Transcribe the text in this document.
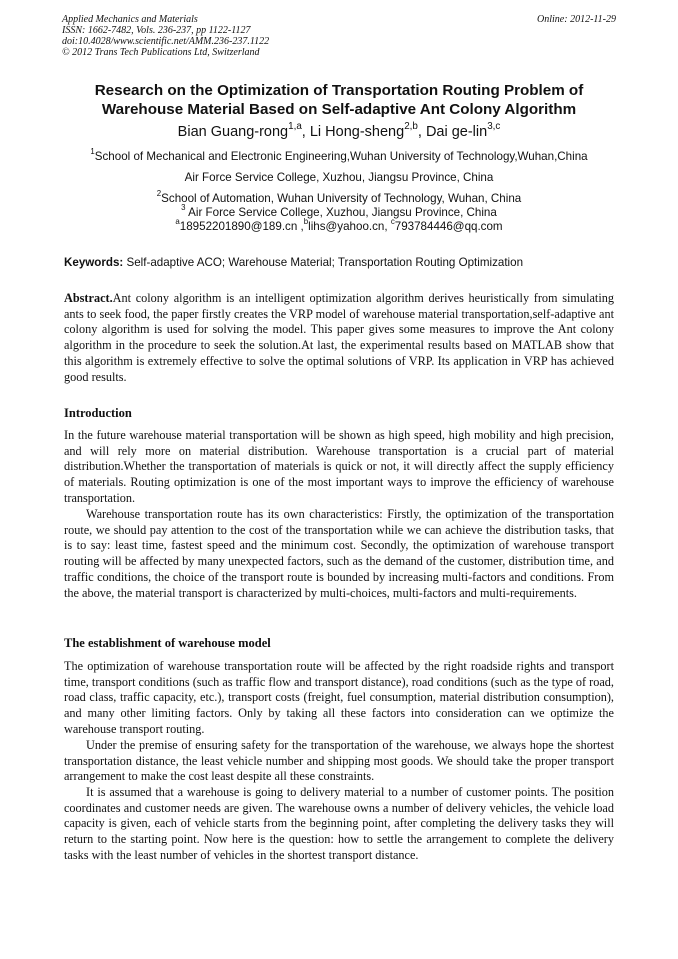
Applied Mechanics and Materials	Online: 2012-11-29
ISSN: 1662-7482, Vols. 236-237, pp 1122-1127
doi:10.4028/www.scientific.net/AMM.236-237.1122
© 2012 Trans Tech Publications Ltd, Switzerland
Research on the Optimization of Transportation Routing Problem of
Warehouse Material Based on Self-adaptive Ant Colony Algorithm
Bian Guang-rong$^{1,a}$, Li Hong-sheng$^{2,b}$, Dai ge-lin$^{3,c}$
$^1$School of Mechanical and Electronic Engineering,Wuhan University of Technology,Wuhan,China
Air Force Service College, Xuzhou, Jiangsu Province, China
$^2$School of Automation, Wuhan University of Technology, Wuhan, China
$^3$ Air Force Service College, Xuzhou, Jiangsu Province, China
$^a$18952201890@189.cn ,$^b$lihs@yahoo.cn, $^c$793784446@qq.com
Keywords: Self-adaptive ACO; Warehouse Material; Transportation Routing Optimization
Abstract.Ant colony algorithm is an intelligent optimization algorithm derives heuristically from simulating ants to seek food, the paper firstly creates the VRP model of warehouse material transportation,self-adaptive ant colony algorithm is used for solving the model. This paper gives some measures to improve the Ant colony algorithm in the procedure to seek the solution.At last, the experimental results based on MATLAB show that this algorithm is extremely effective to solve the optimal solutions of VRP. Its application in VRP has achieved good results.
Introduction
In the future warehouse material transportation will be shown as high speed, high mobility and high precision, and will rely more on material distribution. Warehouse transportation is a crucial part of material distribution.Whether the transportation of materials is quick or not, it will directly affect the supply efficiency of materials. Routing optimization is one of the most important ways to improve the efficiency of warehouse transportation.
Warehouse transportation route has its own characteristics: Firstly, the optimization of the transportation route, we should pay attention to the cost of the transportation while we can achieve the distribution tasks, that is to say: least time, fastest speed and the minimum cost. Secondly, the optimization of warehouse transport routing will be affected by many unexpected factors, such as the demand of the customer, distribution time, and traffic conditions, the choice of the transport route is bounded by increasing multi-factors and conditions. From the above, the material transport is characterized by multi-choices, multi-factors and multi-requirements.
The establishment of warehouse model
The optimization of warehouse transportation route will be affected by the right roadside rights and transport time, transport conditions (such as traffic flow and transport distance), road conditions (such as the type of road, road class, traffic capacity, etc.), transport costs (freight, fuel consumption, material distribution consumption), and many other limiting factors. Only by taking all these factors into consideration can we optimize the warehouse transport routing.
Under the premise of ensuring safety for the transportation of the warehouse, we always hope the shortest transportation distance, the least vehicle number and shipping most goods. We should take the proper transport arrangement to make the cost least despite all these constraints.
It is assumed that a warehouse is going to delivery material to a number of customer points. The position coordinates and customer needs are given. The warehouse owns a number of delivery vehicles, the vehicle load capacity is given, each of vehicle starts from the beginning point, after completing the delivery tasks they will return to the starting point. Now here is the question: how to settle the arrangement to complete the delivery tasks with the least number of vehicles in the shortest transport distance.
